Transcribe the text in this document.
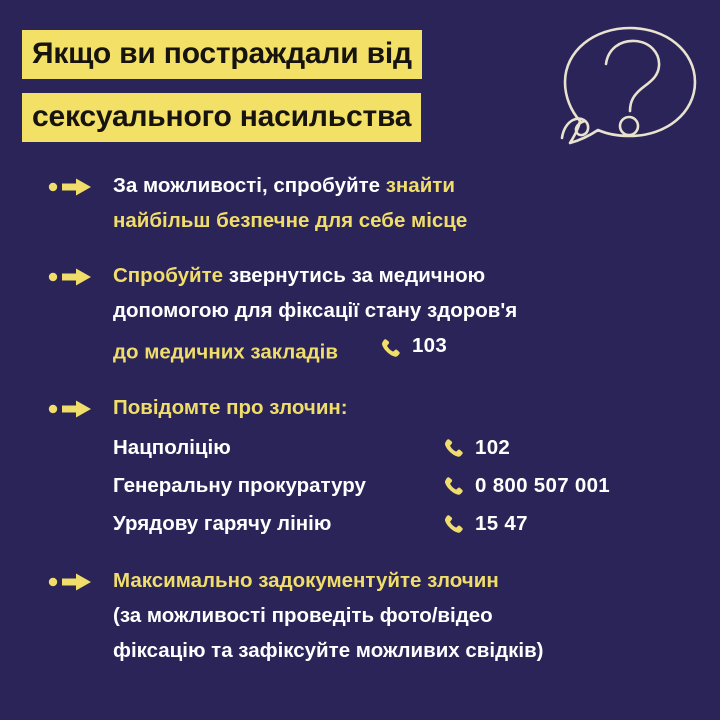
Якщо ви постраждали від
сексуального насильства
За можливості, спробуйте знайти
найбільш безпечне для себе місце
Спробуйте звернутись за медичною
допомогою для фіксації стану здоров'я
до медичних закладів	103
Повідомте про злочин:
Нацполіцію	102
Генеральну прокуратуру	0 800 507 001
Урядову гарячу лінію	15 47
Максимально задокументуйте злочин
(за можливості проведіть фото/відео
фіксацію та зафіксуйте можливих свідків)
